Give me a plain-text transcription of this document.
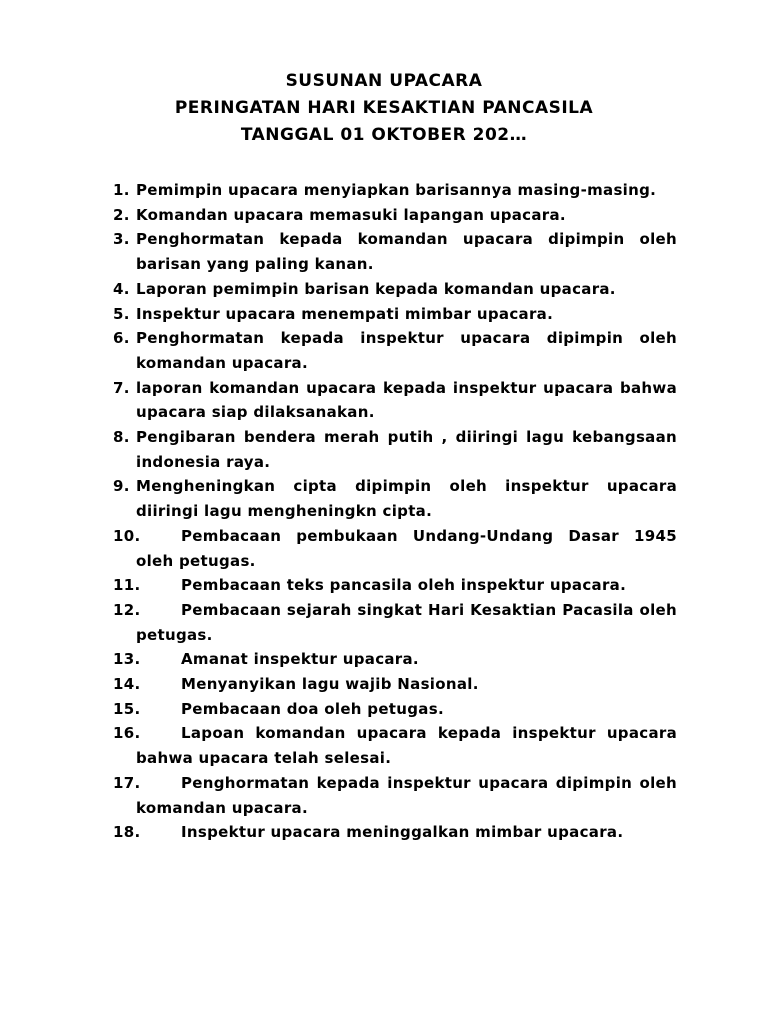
SUSUNAN UPACARA
PERINGATAN HARI KESAKTIAN PANCASILA
TANGGAL 01 OKTOBER 202…
1. Pemimpin upacara menyiapkan barisannya masing-masing.
2. Komandan upacara memasuki lapangan upacara.
3. Penghormatan kepada komandan upacara dipimpin oleh barisan yang paling kanan.
4. Laporan pemimpin barisan kepada komandan upacara.
5. Inspektur upacara menempati mimbar upacara.
6. Penghormatan kepada inspektur upacara dipimpin oleh komandan upacara.
7. laporan komandan upacara kepada inspektur upacara bahwa upacara siap dilaksanakan.
8. Pengibaran bendera merah putih , diiringi lagu kebangsaan indonesia raya.
9. Mengheningkan cipta dipimpin oleh inspektur upacara diiringi lagu mengheningkn cipta.
10.	Pembacaan pembukaan Undang-Undang Dasar 1945 oleh petugas.
11.	Pembacaan teks pancasila oleh inspektur upacara.
12.	Pembacaan sejarah singkat Hari Kesaktian Pacasila oleh petugas.
13.	Amanat inspektur upacara.
14.	Menyanyikan lagu wajib Nasional.
15.	Pembacaan doa oleh petugas.
16.	Lapoan komandan upacara kepada inspektur upacara bahwa upacara telah selesai.
17.	Penghormatan kepada inspektur upacara dipimpin oleh komandan upacara.
18.	Inspektur upacara meninggalkan mimbar upacara.
